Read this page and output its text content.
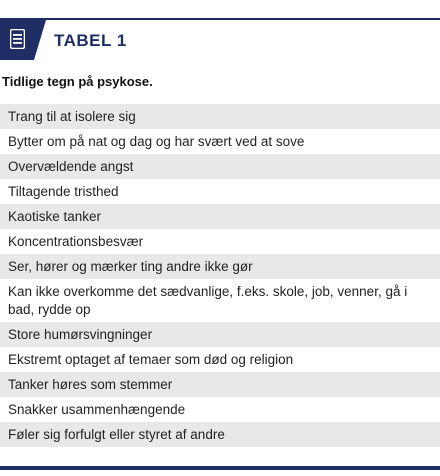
TABEL 1
Tidlige tegn på psykose.
Trang til at isolere sig
Bytter om på nat og dag og har svært ved at sove
Overvældende angst
Tiltagende tristhed
Kaotiske tanker
Koncentrationsbesvær
Ser, hører og mærker ting andre ikke gør
Kan ikke overkomme det sædvanlige, f.eks. skole, job, venner, gå i bad, rydde op
Store humørsvingninger
Ekstremt optaget af temaer som død og religion
Tanker høres som stemmer
Snakker usammenhængende
Føler sig forfulgt eller styret af andre
